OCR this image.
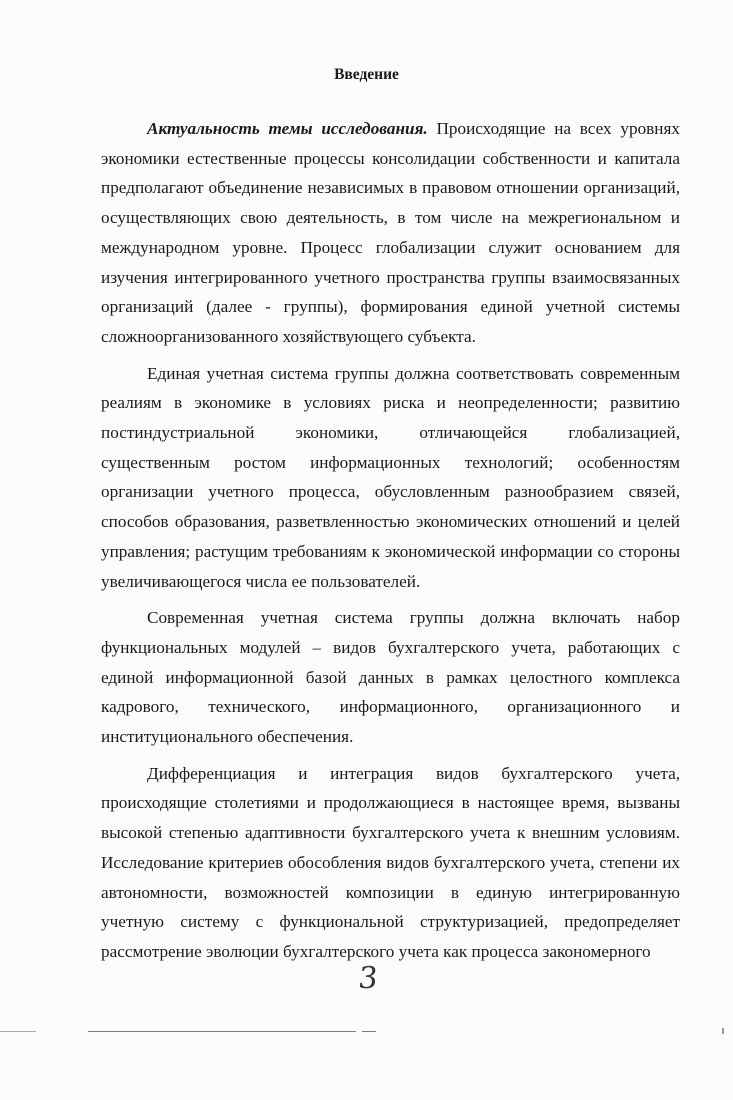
Введение

Актуальность темы исследования. Происходящие на всех уровнях экономики естественные процессы консолидации собственности и капитала предполагают объединение независимых в правовом отношении организаций, осуществляющих свою деятельность, в том числе на межрегиональном и международном уровне. Процесс глобализации служит основанием для изучения интегрированного учетного пространства группы взаимосвязанных организаций (далее - группы), формирования единой учетной системы сложноорганизованного хозяйствующего субъекта.

Единая учетная система группы должна соответствовать современным реалиям в экономике в условиях риска и неопределенности; развитию постиндустриальной экономики, отличающейся глобализацией, существенным ростом информационных технологий; особенностям организации учетного процесса, обусловленным разнообразием связей, способов образования, разветвленностью экономических отношений и целей управления; растущим требованиям к экономической информации со стороны увеличивающегося числа ее пользователей.

Современная учетная система группы должна включать набор функциональных модулей – видов бухгалтерского учета, работающих с единой информационной базой данных в рамках целостного комплекса кадрового, технического, информационного, организационного и институционального обеспечения.

Дифференциация и интеграция видов бухгалтерского учета, происходящие столетиями и продолжающиеся в настоящее время, вызваны высокой степенью адаптивности бухгалтерского учета к внешним условиям. Исследование критериев обособления видов бухгалтерского учета, степени их автономности, возможностей композиции в единую интегрированную учетную систему с функциональной структуризацией, предопределяет рассмотрение эволюции бухгалтерского учета как процесса закономерного

3
